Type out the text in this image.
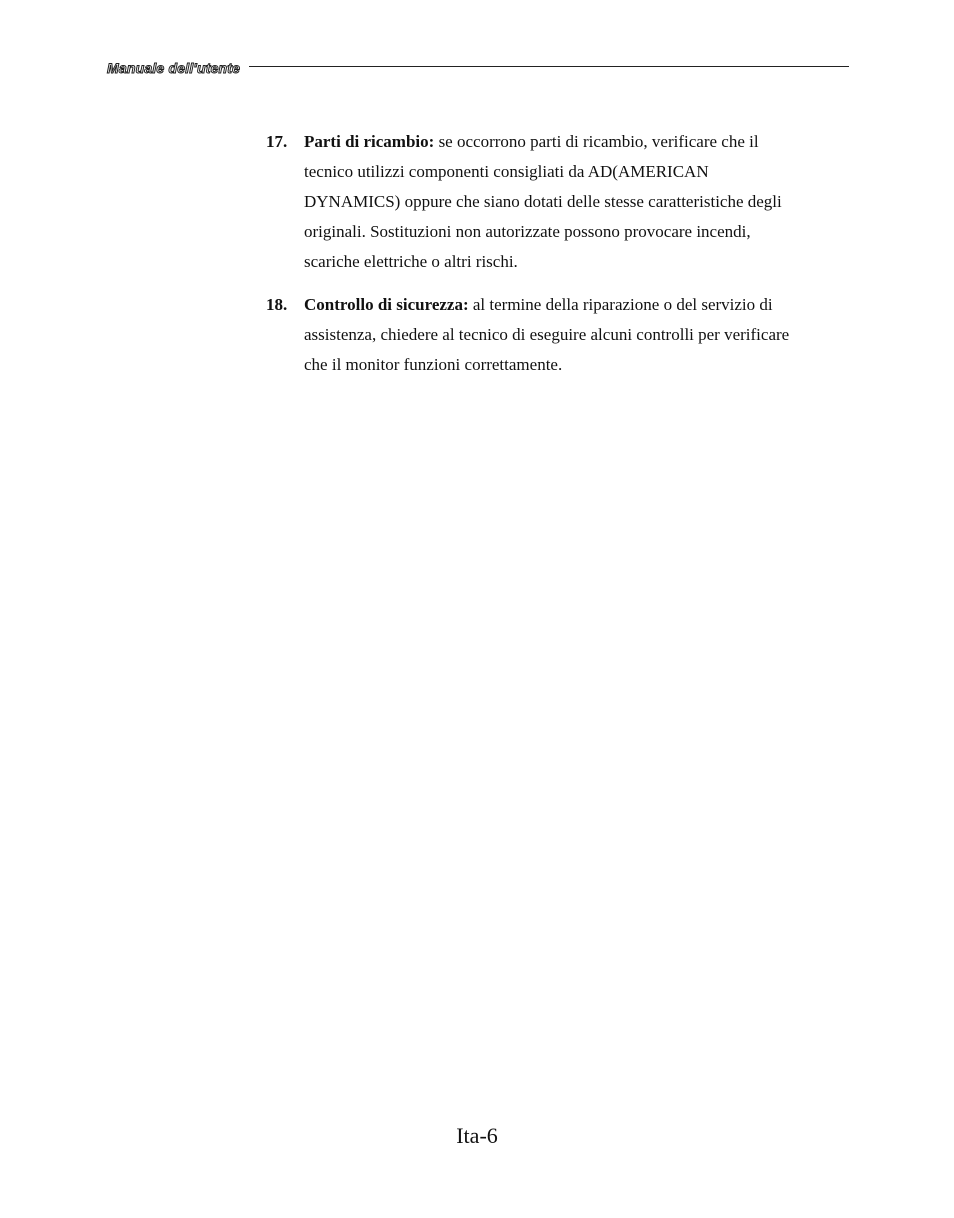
Manuale dell'utente
17. Parti di ricambio: se occorrono parti di ricambio, verificare che il
tecnico utilizzi componenti consigliati da AD(AMERICAN
DYNAMICS) oppure che siano dotati delle stesse caratteristiche degli
originali. Sostituzioni non autorizzate possono provocare incendi,
scariche elettriche o altri rischi.
18. Controllo di sicurezza: al termine della riparazione o del servizio di
assistenza, chiedere al tecnico di eseguire alcuni controlli per verificare
che il monitor funzioni correttamente.
Ita-6
